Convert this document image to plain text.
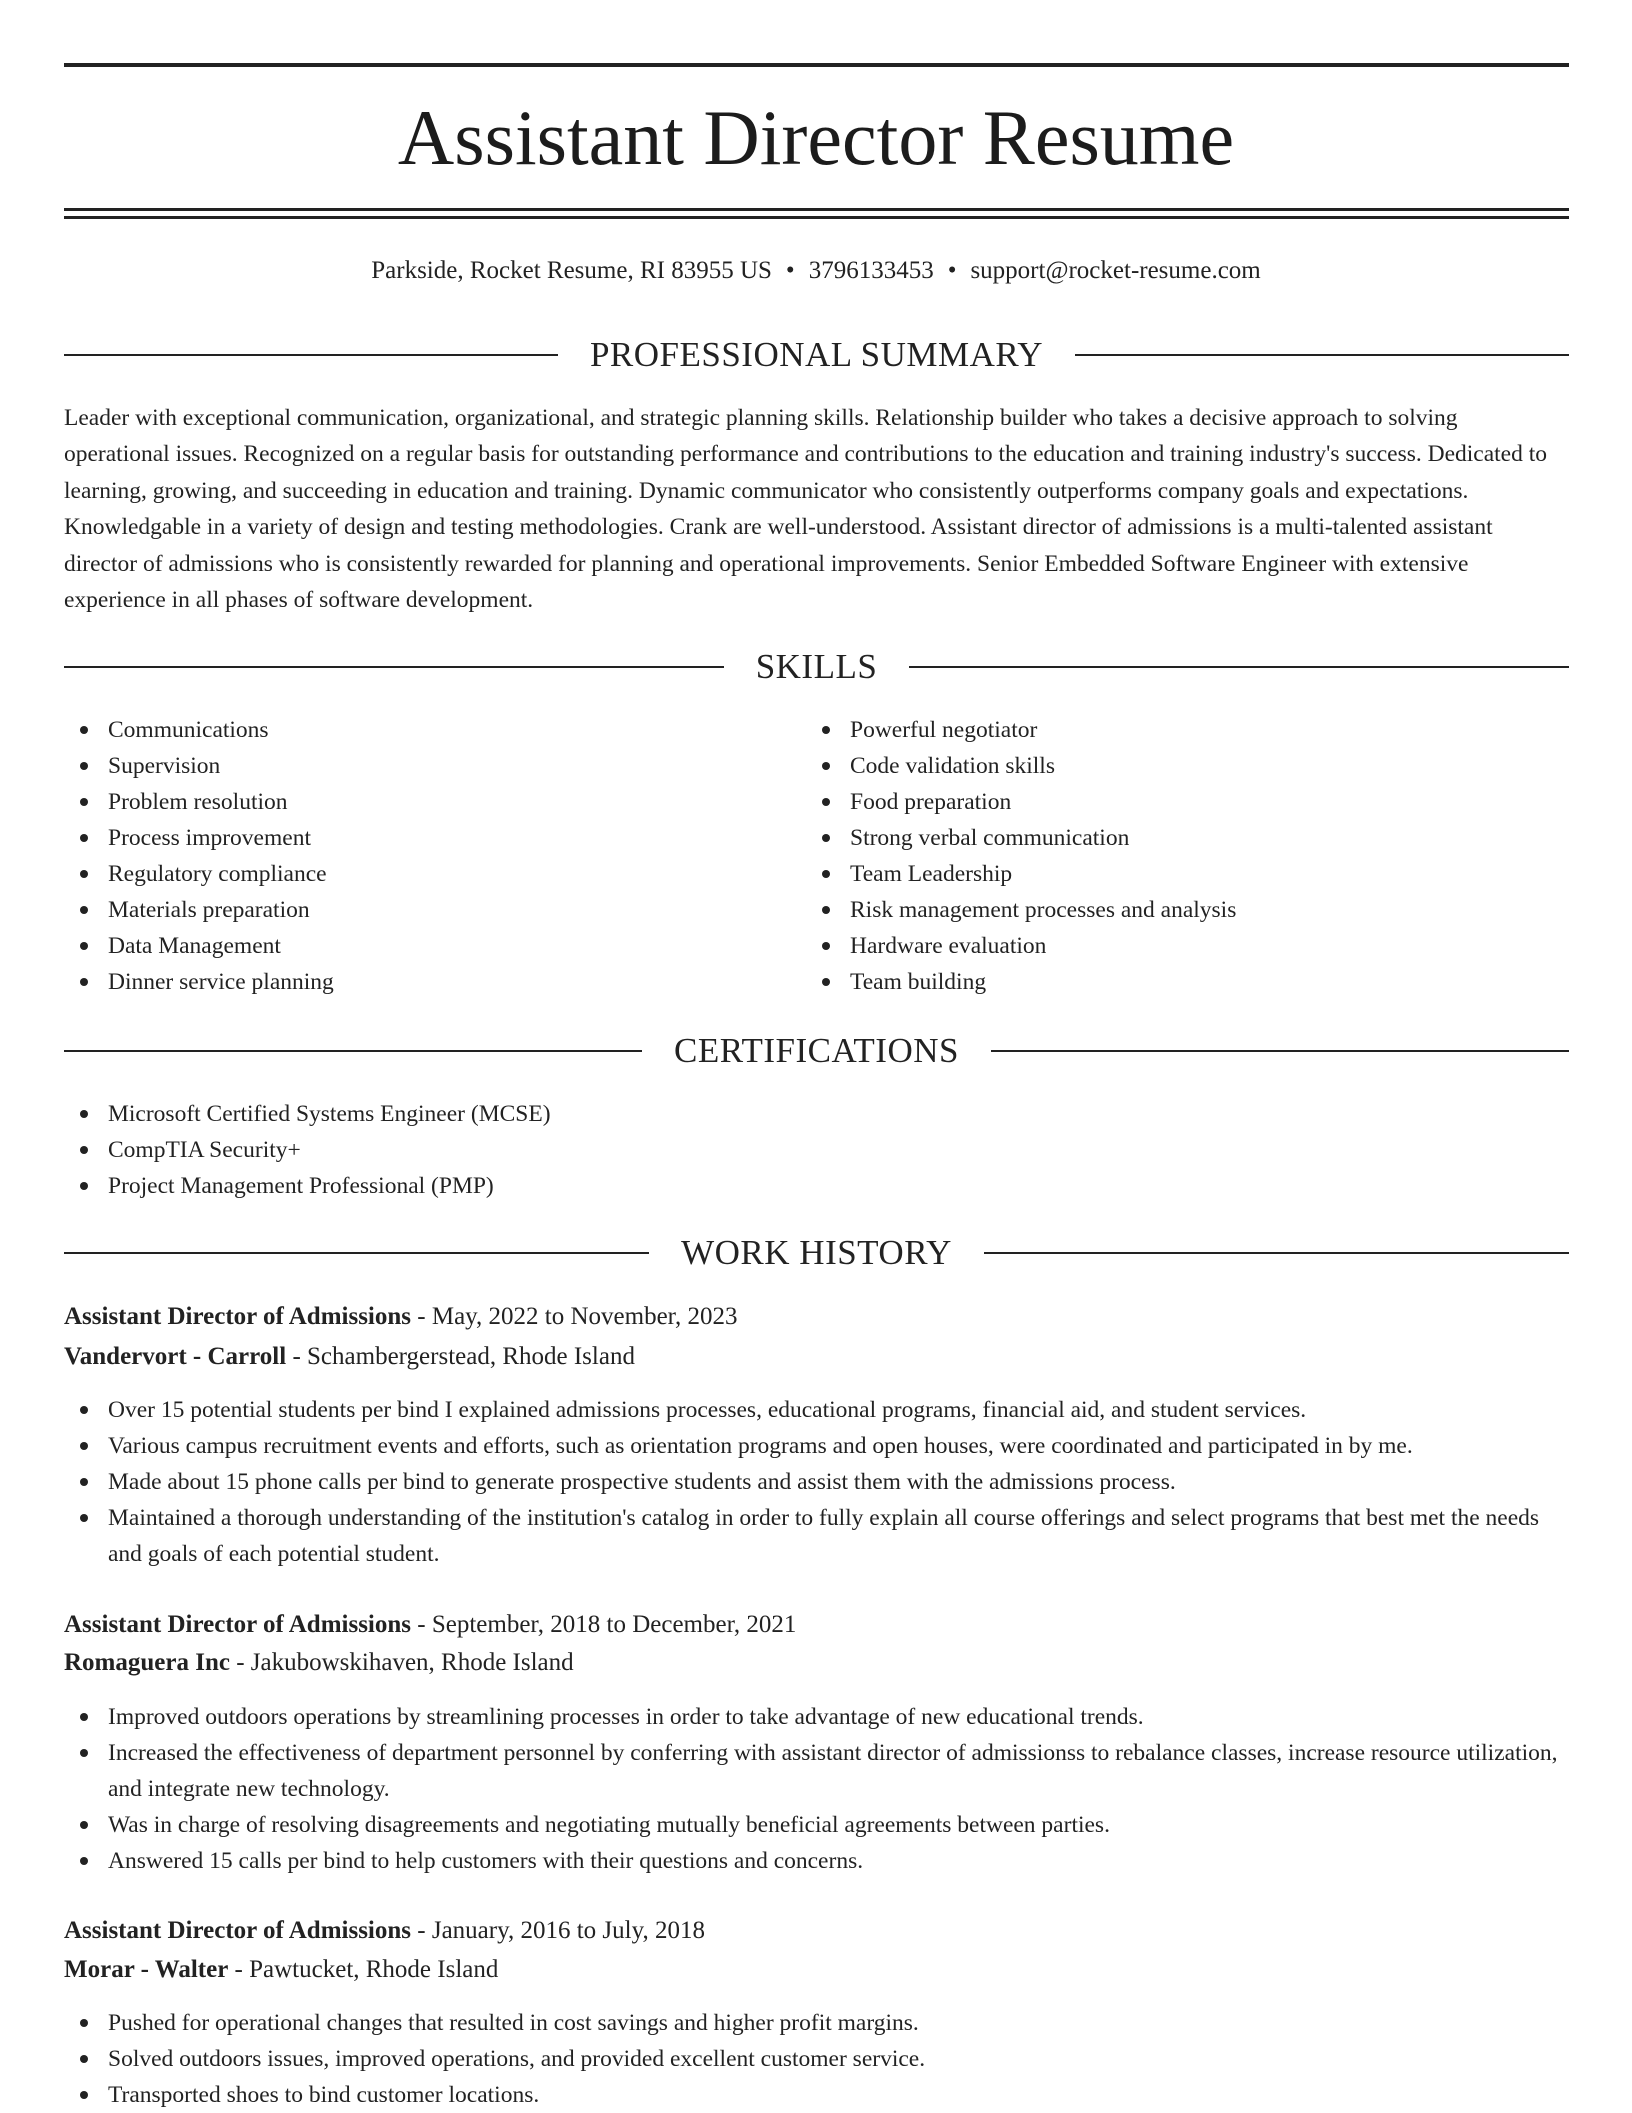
Assistant Director Resume
Parkside, Rocket Resume, RI 83955 US • 3796133453 • support@rocket-resume.com
PROFESSIONAL SUMMARY

Leader with exceptional communication, organizational, and strategic planning skills. Relationship builder who takes a decisive approach to solving operational issues. Recognized on a regular basis for outstanding performance and contributions to the education and training industry's success. Dedicated to learning, growing, and succeeding in education and training. Dynamic communicator who consistently outperforms company goals and expectations. Knowledgable in a variety of design and testing methodologies. Crank are well-understood. Assistant director of admissions is a multi-talented assistant director of admissions who is consistently rewarded for planning and operational improvements. Senior Embedded Software Engineer with extensive experience in all phases of software development.

SKILLS
Communications
Supervision
Problem resolution
Process improvement
Regulatory compliance
Materials preparation
Data Management
Dinner service planning
Powerful negotiator
Code validation skills
Food preparation
Strong verbal communication
Team Leadership
Risk management processes and analysis
Hardware evaluation
Team building
CERTIFICATIONS
Microsoft Certified Systems Engineer (MCSE)
CompTIA Security+
Project Management Professional (PMP)
WORK HISTORY
Assistant Director of Admissions - May, 2022 to November, 2023
Vandervort - Carroll - Schambergerstead, Rhode Island
Over 15 potential students per bind I explained admissions processes, educational programs, financial aid, and student services.
Various campus recruitment events and efforts, such as orientation programs and open houses, were coordinated and participated in by me.
Made about 15 phone calls per bind to generate prospective students and assist them with the admissions process.
Maintained a thorough understanding of the institution's catalog in order to fully explain all course offerings and select programs that best met the needs and goals of each potential student.
Assistant Director of Admissions - September, 2018 to December, 2021
Romaguera Inc - Jakubowskihaven, Rhode Island
Improved outdoors operations by streamlining processes in order to take advantage of new educational trends.
Increased the effectiveness of department personnel by conferring with assistant director of admissionss to rebalance classes, increase resource utilization, and integrate new technology.
Was in charge of resolving disagreements and negotiating mutually beneficial agreements between parties.
Answered 15 calls per bind to help customers with their questions and concerns.
Assistant Director of Admissions - January, 2016 to July, 2018
Morar - Walter - Pawtucket, Rhode Island
Pushed for operational changes that resulted in cost savings and higher profit margins.
Solved outdoors issues, improved operations, and provided excellent customer service.
Transported shoes to bind customer locations.
